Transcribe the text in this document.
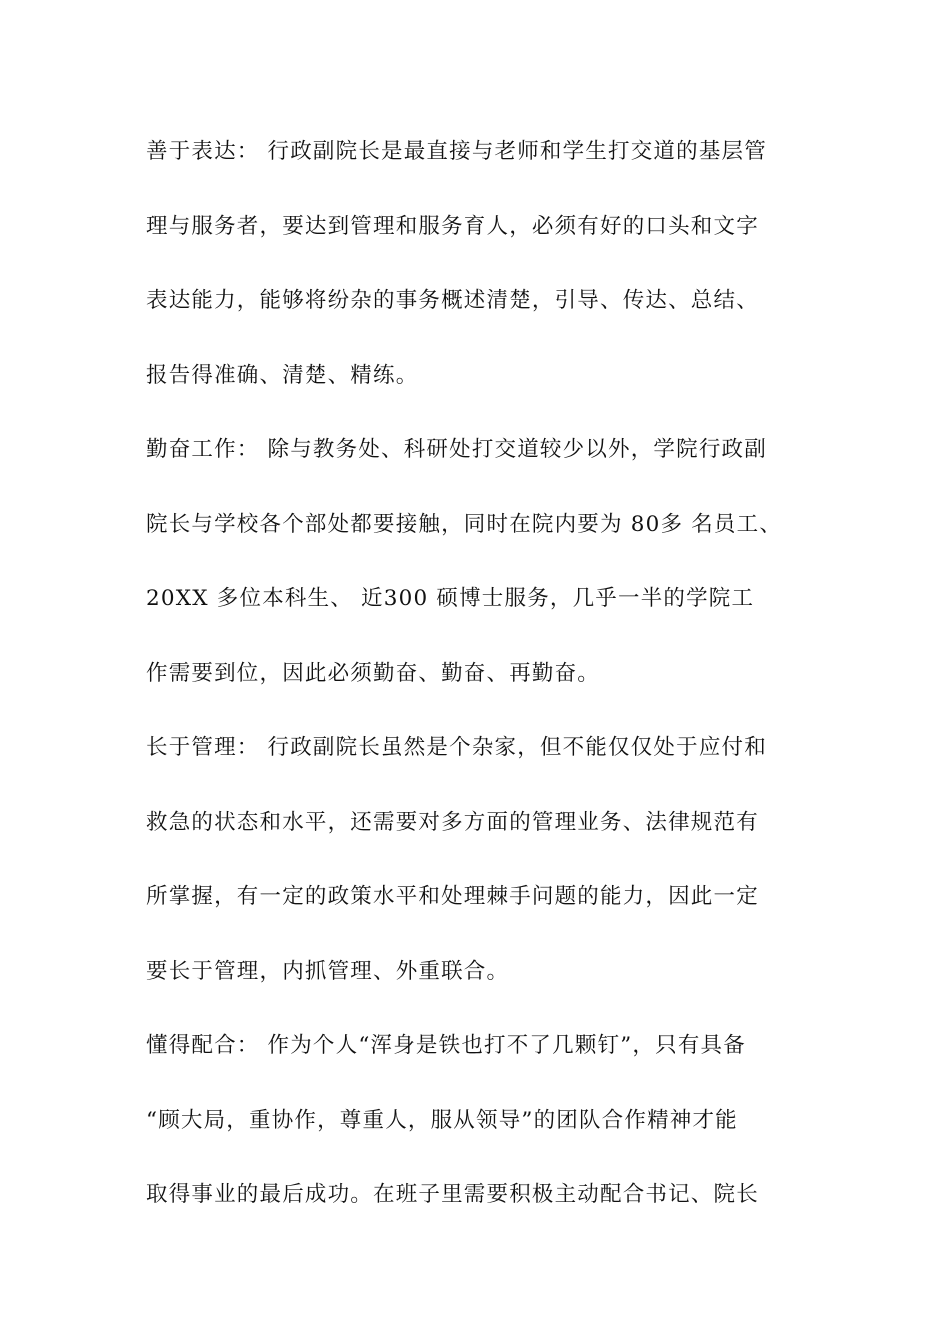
善于表达： 行政副院长是最直接与老师和学生打交道的基层管
理与服务者，要达到管理和服务育人，必须有好的口头和文字
表达能力，能够将纷杂的事务概述清楚，引导、传达、总结、
报告得准确、清楚、精练。
勤奋工作： 除与教务处、科研处打交道较少以外，学院行政副
院长与学校各个部处都要接触，同时在院内要为 80多 名员工、
20XX 多位本科生、 近300 硕博士服务，几乎一半的学院工
作需要到位，因此必须勤奋、勤奋、再勤奋。
长于管理： 行政副院长虽然是个杂家，但不能仅仅处于应付和
救急的状态和水平，还需要对多方面的管理业务、法律规范有
所掌握，有一定的政策水平和处理棘手问题的能力，因此一定
要长于管理，内抓管理、外重联合。
懂得配合： 作为个人“浑身是铁也打不了几颗钉”，只有具备
“顾大局，重协作，尊重人，服从领导”的团队合作精神才能
取得事业的最后成功。在班子里需要积极主动配合书记、院长
